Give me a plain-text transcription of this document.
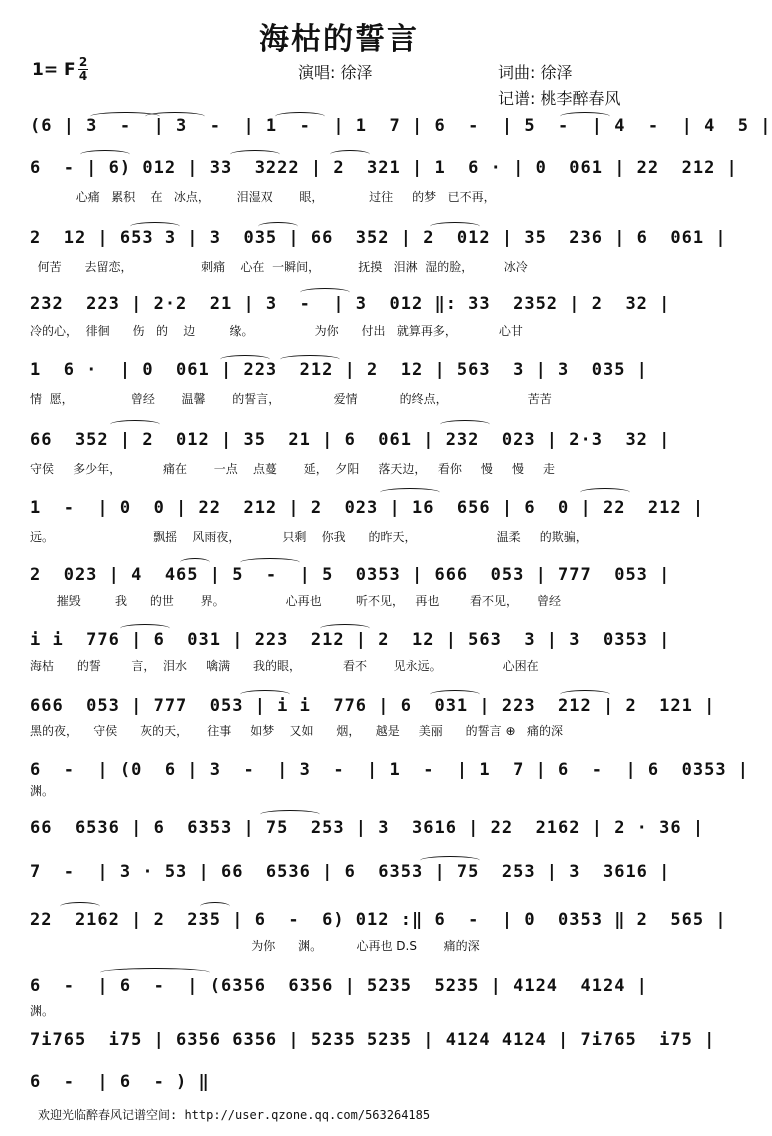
海枯的誓言
1= F 2
4	演唱: 徐泽	词曲: 徐泽
记谱: 桃李醉春风
(6 | 3  -  | 3  -  | 1  -  | 1  7 | 6  -  | 5  -  | 4  -  | 4  5 |
6  - | 6) 012 | 33  3222 | 2  321 | 1  6 · | 0  061 | 22  212 |
心痛   累积    在   冰点，       泪湿双       眼，            过往     的梦   已不再，
2  12 | 653 3 | 3  035 | 66  352 | 2  012 | 35  236 | 6  061 |
何苦      去留恋，                  刺痛    心在  一瞬间，          抚摸   泪淋  湿的脸，        冰冷
232  223 | 2·2  21 | 3  -  | 3  012 ‖: 33  2352 | 2  32 |
冷的心，  徘徊      伤   的    边         缘。                为你      付出   就算再多，           心甘
1  6 ·  | 0  061 | 223  212 | 2  12 | 563  3 | 3  035 |
情  愿，               曾经       温馨       的誓言，              爱情           的终点，                     苦苦
66  352 | 2  012 | 35  21 | 6  061 | 232  023 | 2·3  32 |
守侯     多少年，           痛在       一点    点蔓       延，  夕阳     落天边，   看你     慢     慢     走
1  -  | 0  0 | 22  212 | 2  023 | 16  656 | 6  0 | 22  212 |
远。                          飘摇    风雨夜，           只剩    你我      的昨天，                     温柔     的欺骗，
2  023 | 4  465 | 5  -  | 5  0353 | 666  053 | 777  053 |
摧毁         我      的世       界。                心再也         听不见，   再也        看不见，     曾经
i i  776 | 6  031 | 223  212 | 2  12 | 563  3 | 3  0353 |
海枯      的誓        言，  泪水     噙满      我的眼，           看不       见永远。                心困在
666  053 | 777  053 | i i  776 | 6  031 | 223  212 | 2  121 |
黑的夜，    守侯      灰的天，     往事     如梦    又如      烟，    越是     美丽      的誓言 ⊕   痛的深
6  -  | (0  6 | 3  -  | 3  -  | 1  -  | 1  7 | 6  -  | 6  0353 |
渊。
66  6536 | 6  6353 | 75  253 | 3  3616 | 22  2162 | 2 · 36 |
7  -  | 3 · 53 | 66  6536 | 6  6353 | 75  253 | 3  3616 |
22  2162 | 2  235 | 6  -  6) 012 :‖ 6  -  | 0  0353 ‖ 2  565 |
为你      渊。         心再也 D.S       痛的深
6  -  | 6  -  | (6356  6356 | 5235  5235 | 4124  4124 |
渊。
7i765  i75 | 6356 6356 | 5235 5235 | 4124 4124 | 7i765  i75 |
6  -  | 6  - ) ‖
欢迎光临醉春风记谱空间: http://user.qzone.qq.com/563264185
